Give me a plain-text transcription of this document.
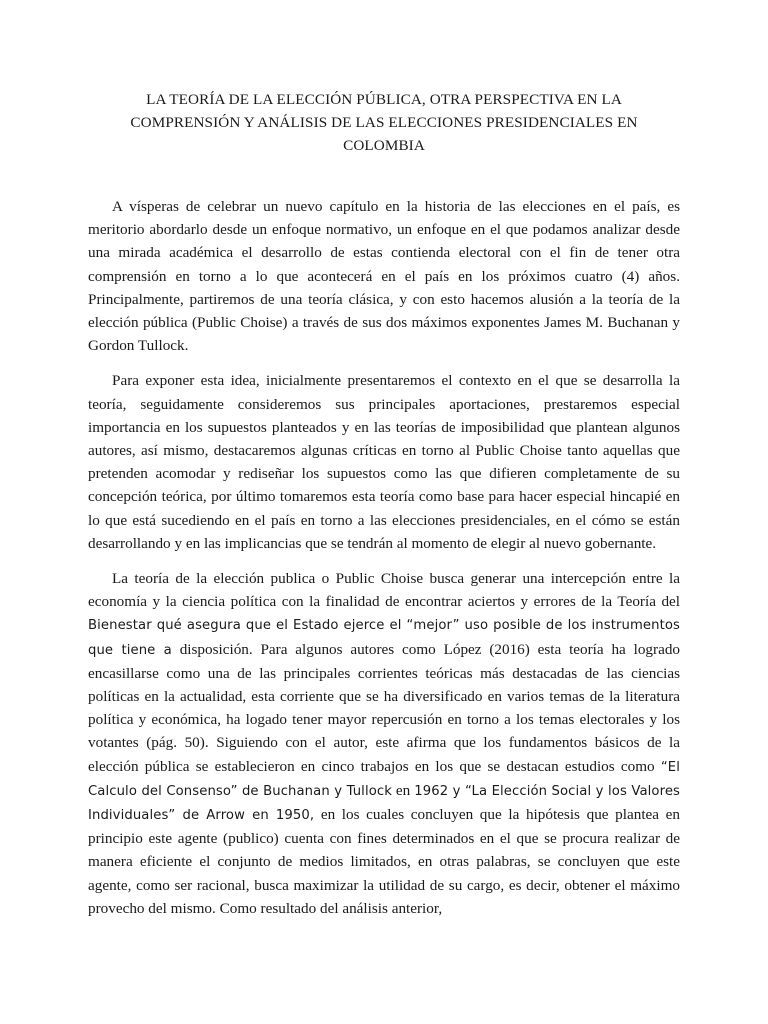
LA TEORÍA DE LA ELECCIÓN PÚBLICA, OTRA PERSPECTIVA EN LA COMPRENSIÓN Y ANÁLISIS DE LAS ELECCIONES PRESIDENCIALES EN COLOMBIA

A vísperas de celebrar un nuevo capítulo en la historia de las elecciones en el país, es meritorio abordarlo desde un enfoque normativo, un enfoque en el que podamos analizar desde una mirada académica el desarrollo de estas contienda electoral con el fin de tener otra comprensión en torno a lo que acontecerá en el país en los próximos cuatro (4) años. Principalmente, partiremos de una teoría clásica, y con esto hacemos alusión a la teoría de la elección pública (Public Choise) a través de sus dos máximos exponentes James M. Buchanan y Gordon Tullock.

Para exponer esta idea, inicialmente presentaremos el contexto en el que se desarrolla la teoría, seguidamente consideremos sus principales aportaciones, prestaremos especial importancia en los supuestos planteados y en las teorías de imposibilidad que plantean algunos autores, así mismo, destacaremos algunas críticas en torno al Public Choise tanto aquellas que pretenden acomodar y rediseñar los supuestos como las que difieren completamente de su concepción teórica, por último tomaremos esta teoría como base para hacer especial hincapié en lo que está sucediendo en el país en torno a las elecciones presidenciales, en el cómo se están desarrollando y en las implicancias que se tendrán al momento de elegir al nuevo gobernante.

La teoría de la elección publica o Public Choise busca generar una intercepción entre la economía y la ciencia política con la finalidad de encontrar aciertos y errores de la Teoría del Bienestar qué asegura que el Estado ejerce el “mejor” uso posible de los instrumentos que tiene a disposición. Para algunos autores como López (2016) esta teoría ha logrado encasillarse como una de las principales corrientes teóricas más destacadas de las ciencias políticas en la actualidad, esta corriente que se ha diversificado en varios temas de la literatura política y económica, ha logado tener mayor repercusión en torno a los temas electorales y los votantes (pág. 50). Siguiendo con el autor, este afirma que los fundamentos básicos de la elección pública se establecieron en cinco trabajos en los que se destacan estudios como “El Calculo del Consenso” de Buchanan y Tullock en 1962 y “La Elección Social y los Valores Individuales” de Arrow en 1950, en los cuales concluyen que la hipótesis que plantea en principio este agente (publico) cuenta con fines determinados en el que se procura realizar de manera eficiente el conjunto de medios limitados, en otras palabras, se concluyen que este agente, como ser racional, busca maximizar la utilidad de su cargo, es decir, obtener el máximo provecho del mismo. Como resultado del análisis anterior,
